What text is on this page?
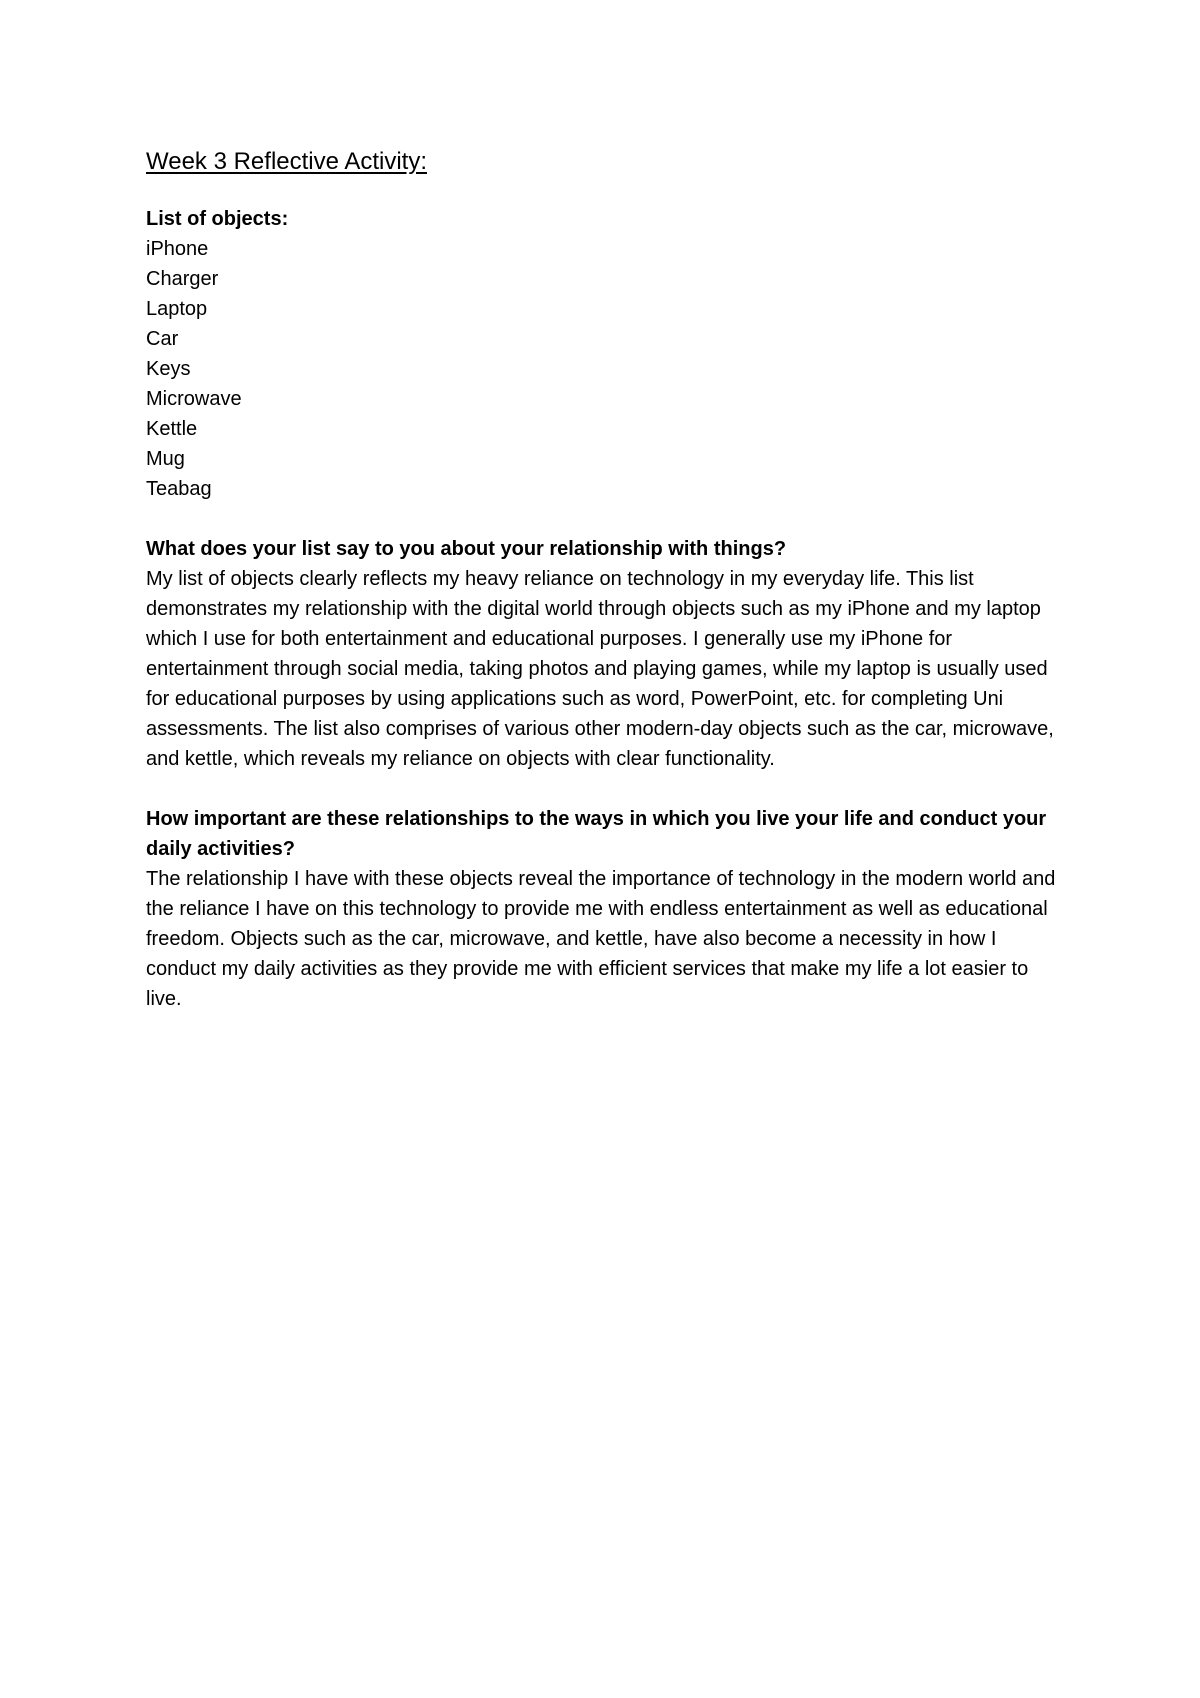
Week 3 Reflective Activity:

List of objects:

iPhone
Charger
Laptop
Car
Keys
Microwave
Kettle
Mug
Teabag

What does your list say to you about your relationship with things?

My list of objects clearly reflects my heavy reliance on technology in my everyday life. This list demonstrates my relationship with the digital world through objects such as my iPhone and my laptop which I use for both entertainment and educational purposes. I generally use my iPhone for entertainment through social media, taking photos and playing games, while my laptop is usually used for educational purposes by using applications such as word, PowerPoint, etc. for completing Uni assessments. The list also comprises of various other modern-day objects such as the car, microwave, and kettle, which reveals my reliance on objects with clear functionality.

How important are these relationships to the ways in which you live your life and conduct your daily activities?

The relationship I have with these objects reveal the importance of technology in the modern world and the reliance I have on this technology to provide me with endless entertainment as well as educational freedom. Objects such as the car, microwave, and kettle, have also become a necessity in how I conduct my daily activities as they provide me with efficient services that make my life a lot easier to live.
